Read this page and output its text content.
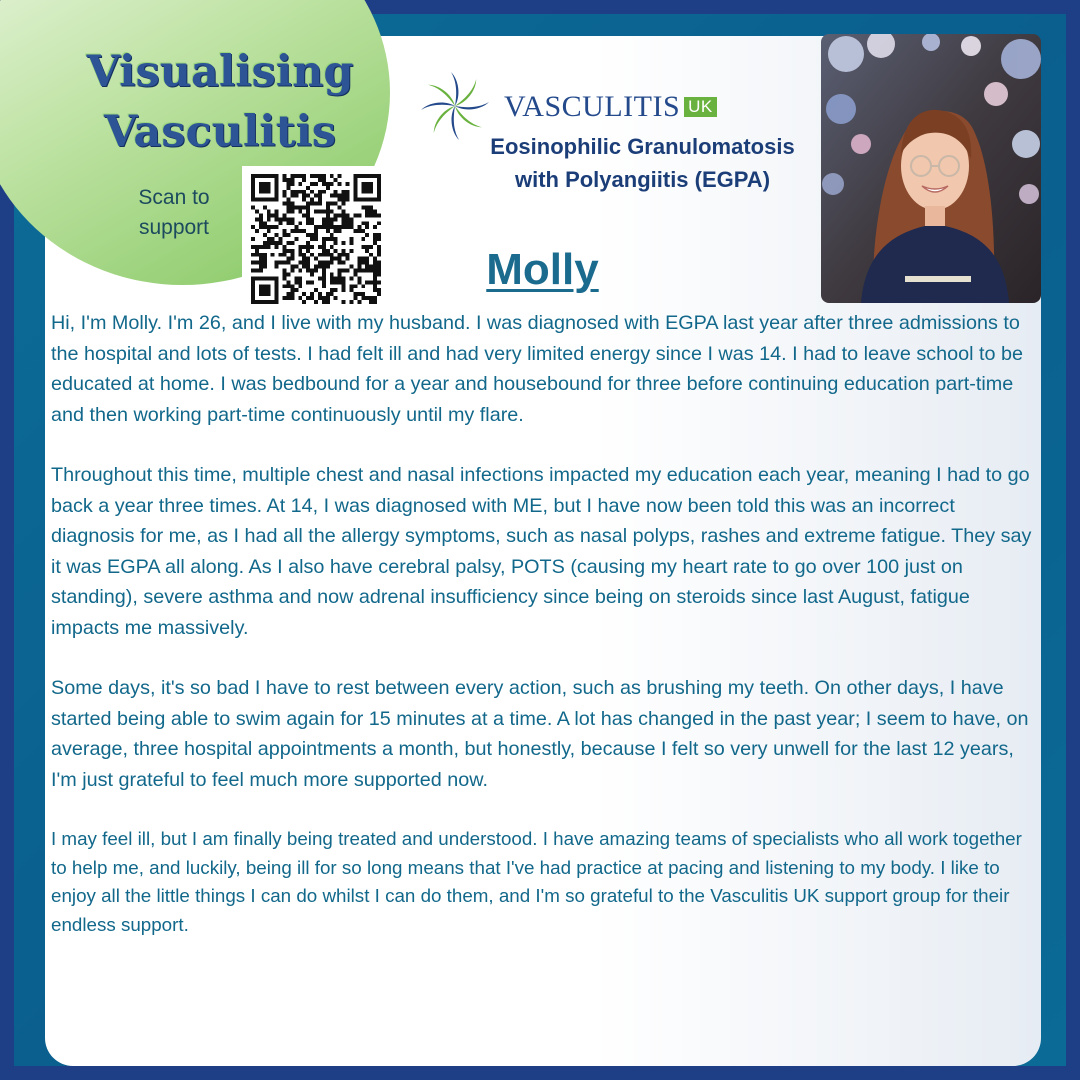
Visualising Vasculitis
Scan to support
VASCULITIS UK
Eosinophilic Granulomatosis with Polyangiitis (EGPA)
Molly

Hi, I'm Molly. I'm 26, and I live with my husband. I was diagnosed with EGPA last year after three admissions to the hospital and lots of tests. I had felt ill and had very limited energy since I was 14. I had to leave school to be educated at home. I was bedbound for a year and housebound for three before continuing education part-time and then working part-time continuously until my flare.

Throughout this time, multiple chest and nasal infections impacted my education each year, meaning I had to go back a year three times. At 14, I was diagnosed with ME, but I have now been told this was an incorrect diagnosis for me, as I had all the allergy symptoms, such as nasal polyps, rashes and extreme fatigue. They say it was EGPA all along. As I also have cerebral palsy, POTS (causing my heart rate to go over 100 just on standing), severe asthma and now adrenal insufficiency since being on steroids since last August, fatigue impacts me massively.

Some days, it's so bad I have to rest between every action, such as brushing my teeth. On other days, I have started being able to swim again for 15 minutes at a time. A lot has changed in the past year; I seem to have, on average, three hospital appointments a month, but honestly, because I felt so very unwell for the last 12 years, I'm just grateful to feel much more supported now.

I may feel ill, but I am finally being treated and understood. I have amazing teams of specialists who all work together to help me, and luckily, being ill for so long means that I've had practice at pacing and listening to my body. I like to enjoy all the little things I can do whilst I can do them, and I'm so grateful to the Vasculitis UK support group for their endless support.
